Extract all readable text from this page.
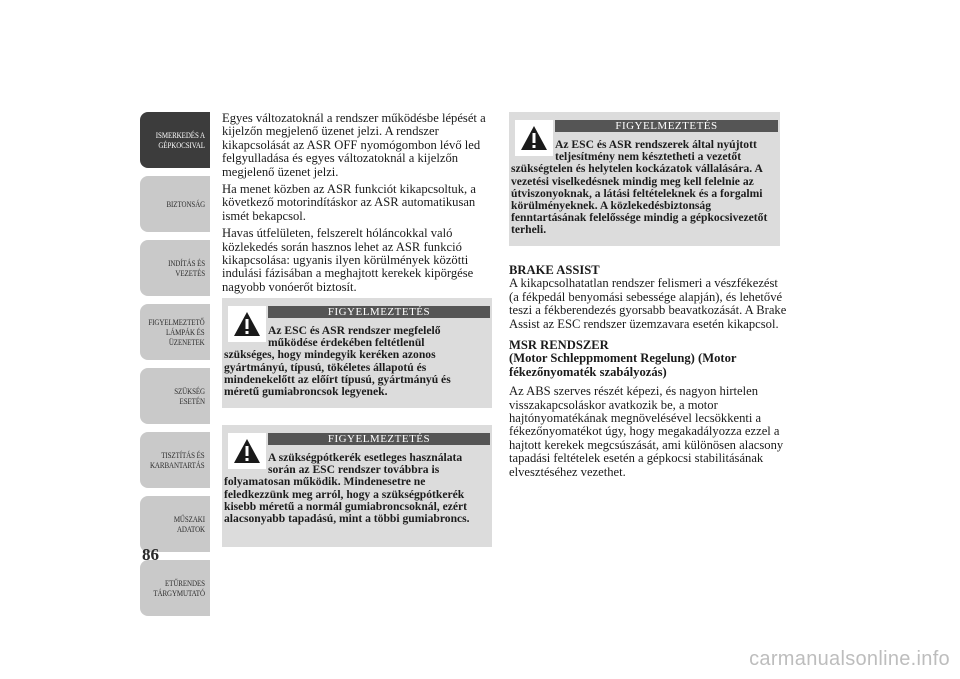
ISMERKEDÉS A
GÉPKOCSIVAL
BIZTONSÁG
INDÍTÁS ÉS
VEZETÉS
FIGYELMEZTETŐ
LÁMPÁK ÉS
ÜZENETEK
SZÜKSÉG ESETÉN
TISZTÍTÁS ÉS
KARBANTARTÁS
MŰSZAKI ADATOK
ETŰRENDES
TÁRGYMUTATÓ
86

Egyes változatoknál a rendszer működésbe lépését a kijelzőn megjelenő üzenet jelzi. A rendszer kikapcsolását az ASR OFF nyomógombon lévő led felgyulladása és egyes változatoknál a kijelzőn megjelenő üzenet jelzi.

Ha menet közben az ASR funkciót kikapcsoltuk, a következő motorindításkor az ASR automatikusan ismét bekapcsol.

Havas útfelületen, felszerelt hóláncokkal való közlekedés során hasznos lehet az ASR funkció kikapcsolása: ugyanis ilyen körülmények közötti indulási fázisában a meghajtott kerekek kipörgése nagyobb vonóerőt biztosít.

FIGYELMEZTETÉS
Az ESC és ASR rendszer megfelelő működése érdekében feltétlenül
szükséges, hogy mindegyik keréken azonos gyártmányú, típusú, tökéletes állapotú és mindenekelőtt az előírt típusú, gyártmányú és méretű gumiabroncsok legyenek.
FIGYELMEZTETÉS
A szükségpótkerék esetleges használata során az ESC rendszer továbbra is
folyamatosan működik. Mindenesetre ne feledkezzünk meg arról, hogy a szükségpótkerék kisebb méretű a normál gumiabroncsoknál, ezért alacsonyabb tapadású, mint a többi gumiabroncs.
FIGYELMEZTETÉS
Az ESC és ASR rendszerek által nyújtott teljesítmény nem késztetheti a vezetőt
szükségtelen és helytelen kockázatok vállalására. A vezetési viselkedésnek mindig meg kell felelnie az útviszonyoknak, a látási feltételeknek és a forgalmi körülményeknek. A közlekedésbiztonság fenntartásának felelőssége mindig a gépkocsivezetőt terheli.
BRAKE ASSIST

A kikapcsolhatatlan rendszer felismeri a vészfékezést (a fékpedál benyomási sebessége alapján), és lehetővé teszi a fékberendezés gyorsabb beavatkozását. A Brake Assist az ESC rendszer üzemzavara esetén kikapcsol.

MSR RENDSZER

(Motor Schleppmoment Regelung) (Motor fékezőnyomaték szabályozás)

Az ABS szerves részét képezi, és nagyon hirtelen visszakapcsoláskor avatkozik be, a motor hajtónyomatékának megnövelésével lecsökkenti a fékezőnyomatékot úgy, hogy megakadályozza ezzel a hajtott kerekek megcsúszását, ami különösen alacsony tapadási feltételek esetén a gépkocsi stabilitásának elvesztéséhez vezethet.

carmanualsonline.info
